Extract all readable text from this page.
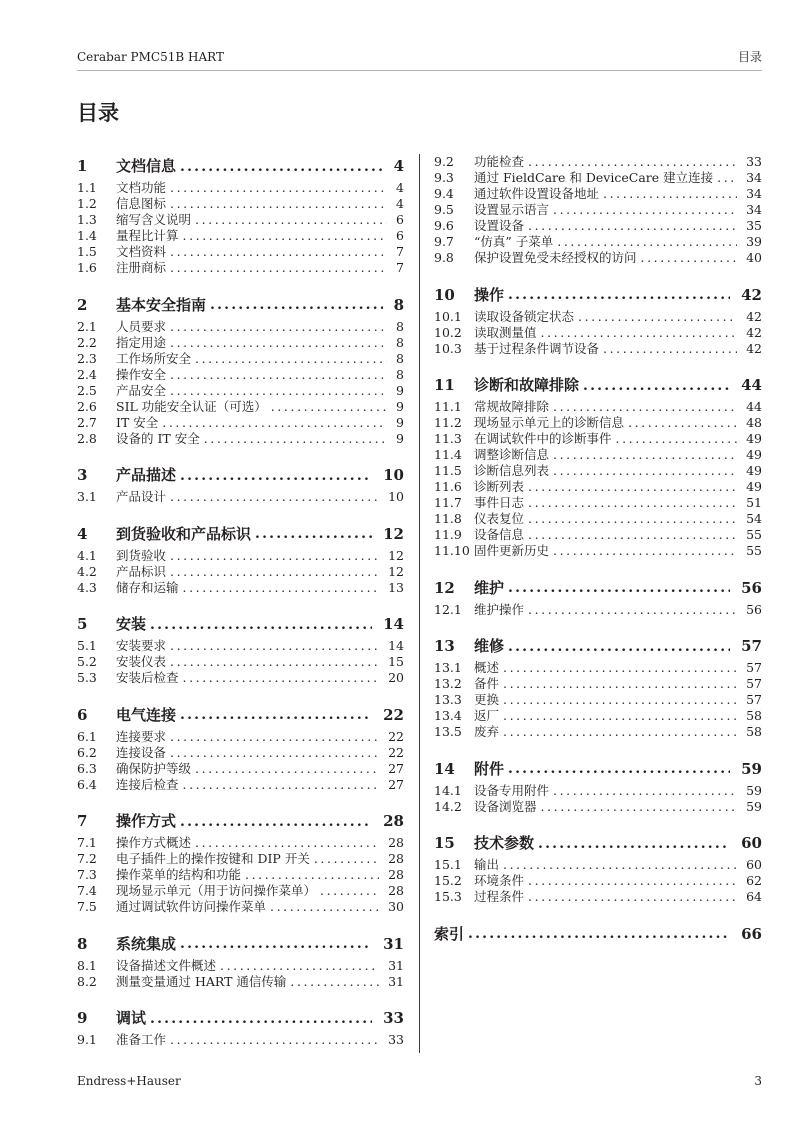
Cerabar PMC51B HART	目录
目录
1	文档信息 .....	4
1.1	文档功能 .....	4
1.2	信息图标 .....	4
1.3	缩写含义说明 .....	6
1.4	量程比计算 .....	6
1.5	文档资料 .....	7
1.6	注册商标 .....	7
2	基本安全指南 .....	8
2.1	人员要求 .....	8
2.2	指定用途 .....	8
2.3	工作场所安全 .....	8
2.4	操作安全 .....	8
2.5	产品安全 .....	9
2.6	SIL 功能安全认证（可选） .....	9
2.7	IT 安全 .....	9
2.8	设备的 IT 安全 .....	9
3	产品描述 .....	10
3.1	产品设计 .....	10
4	到货验收和产品标识 .....	12
4.1	到货验收 .....	12
4.2	产品标识 .....	12
4.3	储存和运输 .....	13
5	安装 .....	14
5.1	安装要求 .....	14
5.2	安装仪表 .....	15
5.3	安装后检查 .....	20
6	电气连接 .....	22
6.1	连接要求 .....	22
6.2	连接设备 .....	22
6.3	确保防护等级 .....	27
6.4	连接后检查 .....	27
7	操作方式 .....	28
7.1	操作方式概述 .....	28
7.2	电子插件上的操作按键和 DIP 开关 .....	28
7.3	操作菜单的结构和功能 .....	28
7.4	现场显示单元（用于访问操作菜单） .....	28
7.5	通过调试软件访问操作菜单 .....	30
8	系统集成 .....	31
8.1	设备描述文件概述 .....	31
8.2	测量变量通过 HART 通信传输 .....	31
9	调试 .....	33
9.1	准备工作 .....	33
9.2	功能检查 .....	33
9.3	通过 FieldCare 和 DeviceCare 建立连接 .....	34
9.4	通过软件设置设备地址 .....	34
9.5	设置显示语言 .....	34
9.6	设置设备 .....	35
9.7	“仿真” 子菜单 .....	39
9.8	保护设置免受未经授权的访问 .....	40
10	操作 .....	42
10.1 读取设备锁定状态 .....	42
10.2 读取测量值 .....	42
10.3 基于过程条件调节设备 .....	42
11	诊断和故障排除 .....	44
11.1 常规故障排除 .....	44
11.2 现场显示单元上的诊断信息 .....	48
11.3 在调试软件中的诊断事件 .....	49
11.4 调整诊断信息 .....	49
11.5 诊断信息列表 .....	49
11.6 诊断列表 .....	49
11.7 事件日志 .....	51
11.8 仪表复位 .....	54
11.9 设备信息 .....	55
11.10 固件更新历史 .....	55
12	维护 .....	56
12.1 维护操作 .....	56
13	维修 .....	57
13.1 概述 .....	57
13.2 备件 .....	57
13.3 更换 .....	57
13.4 返厂 .....	58
13.5 废弃 .....	58
14	附件 .....	59
14.1 设备专用附件 .....	59
14.2 设备浏览器 .....	59
15	技术参数 .....	60
15.1 输出 .....	60
15.2 环境条件 .....	62
15.3 过程条件 .....	64
索引 .....	66
Endress+Hauser	3
